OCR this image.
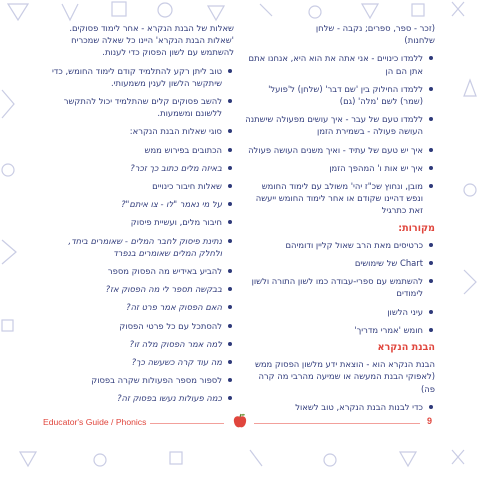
(זכר - ספר, ספרים; נקבה - שלחן
שלחנות)
ללמדו כינויים - אני אתה את הוא היא, אנחנו אתם אתן הם הן
ללמדו החילוק בין 'שם דבר' (שלחן) ל'פועל' (שמר) לשם 'מלה' (גם)
ללמדו טעם של עבר - איך עושים מפעולה שישתנה העושה פעולה - בשמירת הזמן
איך יש טעם של עתיד - ואיך משנים העושה פעולה
איך יש אות ו' המהפך הזמן
מובן, ונחוץ שכ"ז יהי' משולב עם לימוד החומש ונפש דהיינו שקודם או אחר לימוד החומש ייעשה זאת כתרגיל
מקורות:
כרטיסים מאת הרב שאול קליין ודומיהם
Chart של שימושים
להשתמש עם ספרי-עבודה כמו לשון התורה ולשון לימודים
עיני הלשון
חומש 'אמרי מדריך'
הבנת הנקרא
הבנת הנקרא הוא - הוצאת ידע מלשון הפסוק ממש (לאפוקי הבנת המעשה או שמיעה מהרבי מה קרה פה)
כדי לבנות הבנת הנקרא, טוב לשאול
שאלות של הבנת הנקרא - אחר לימוד פסוקים. 'שאלות הבנת הנקרא' היינו כל שאלה שמכריח להשתמש עם לשון הפסוק כדי לענות.
טוב ליתן רקע להתלמיד קודם לימוד החומש, כדי שיתקשר הלשון לענין משמעותי.
להשב פסוקים קלים שהתלמיד יכול להתקשר ללשונם ומשמעות.
סוגי שאלות הבנת הנקרא:
הכתובים בפירוש ממש
באיזה מלים כתוב כך זכר?
שאלות חיבור כינויים
על מי נאמר "לו - צו איתם"?
חיבור מלים, ועשיית פיסוק
נתינת פיסוק לחבר המלים - שאומרים ביחד, ולחלק המלים שאומרים בנפרד
להביע באידיש מה הפסוק מספר
בבקשה תספר לי מה הפסוק אז?
האם הפסוק אמר פרט זה?
להסתכל עם כל פרטי הפסוק
למה אמר הפסוק מלה זו?
מה עוד קרה כשעשה כך?
לספור מספר הפעולות שקרה בפסוק
כמה פעולות נעשו בפסוק זה?
Educator's Guide / Phonics	9
